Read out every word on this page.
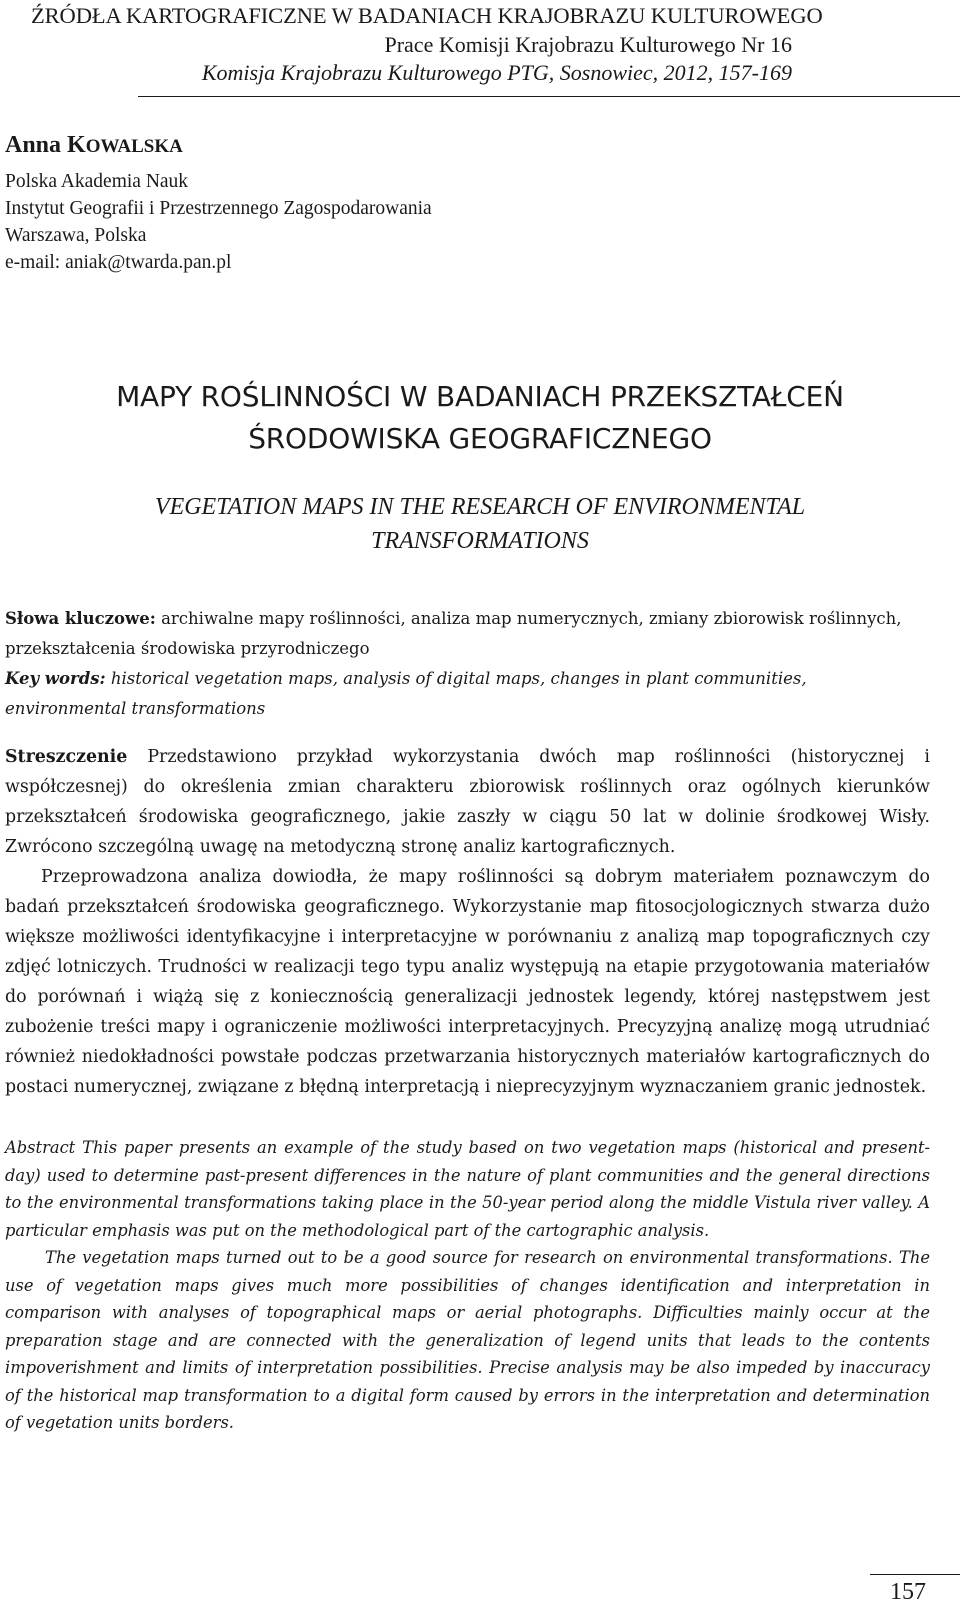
ŹRÓDŁA KARTOGRAFICZNE W BADANIACH KRAJOBRAZU KULTUROWEGO
Prace Komisji Krajobrazu Kulturowego Nr 16
Komisja Krajobrazu Kulturowego PTG, Sosnowiec, 2012, 157-169
Anna KOWALSKA
Polska Akademia Nauk
Instytut Geografii i Przestrzennego Zagospodarowania
Warszawa, Polska
e-mail: aniak@twarda.pan.pl
MAPY ROŚLINNOŚCI W BADANIACH PRZEKSZTAŁCEŃ
ŚRODOWISKA GEOGRAFICZNEGO
VEGETATION MAPS IN THE RESEARCH OF ENVIRONMENTAL
TRANSFORMATIONS

Słowa kluczowe: archiwalne mapy roślinności, analiza map numerycznych, zmiany zbiorowisk roślinnych, przekształcenia środowiska przyrodniczego

Key words: historical vegetation maps, analysis of digital maps, changes in plant communities, environmental transformations

Streszczenie Przedstawiono przykład wykorzystania dwóch map roślinności (historycznej i współczesnej) do określenia zmian charakteru zbiorowisk roślinnych oraz ogólnych kierunków przekształceń środowiska geograficznego, jakie zaszły w ciągu 50 lat w dolinie środkowej Wisły. Zwrócono szczególną uwagę na metodyczną stronę analiz kartograficznych.

Przeprowadzona analiza dowiodła, że mapy roślinności są dobrym materiałem poznawczym do badań przekształceń środowiska geograficznego. Wykorzystanie map fitosocjologicznych stwarza dużo większe możliwości identyfikacyjne i interpretacyjne w porównaniu z analizą map topograficznych czy zdjęć lotniczych. Trudności w realizacji tego typu analiz występują na etapie przygotowania materiałów do porównań i wiążą się z koniecznością generalizacji jednostek legendy, której następstwem jest zubożenie treści mapy i ograniczenie możliwości interpretacyjnych. Precyzyjną analizę mogą utrudniać również niedokładności powstałe podczas przetwarzania historycznych materiałów kartograficznych do postaci numerycznej, związane z błędną interpretacją i nieprecyzyjnym wyznaczaniem granic jednostek.

Abstract This paper presents an example of the study based on two vegetation maps (historical and present-day) used to determine past-present differences in the nature of plant communities and the general directions to the environmental transformations taking place in the 50-year period along the middle Vistula river valley. A particular emphasis was put on the methodological part of the cartographic analysis.

The vegetation maps turned out to be a good source for research on environmental transformations. The use of vegetation maps gives much more possibilities of changes identification and interpretation in comparison with analyses of topographical maps or aerial photographs. Difficulties mainly occur at the preparation stage and are connected with the generalization of legend units that leads to the contents impoverishment and limits of interpretation possibilities. Precise analysis may be also impeded by inaccuracy of the historical map transformation to a digital form caused by errors in the interpretation and determination of vegetation units borders.

157
